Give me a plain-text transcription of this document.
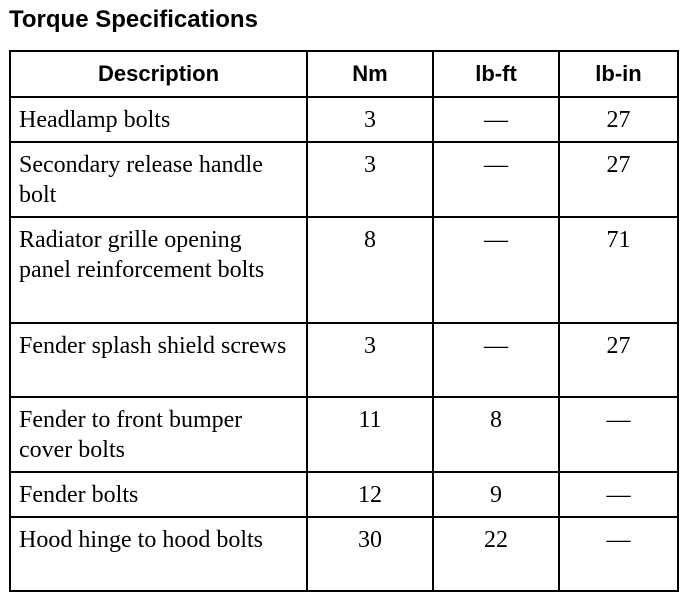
Torque Specifications
Description	Nm	lb-ft	lb-in
Headlamp bolts	3	—	27
Secondary release handle bolt	3	—	27
Radiator grille opening panel reinforcement bolts	8	—	71
Fender splash shield screws	3	—	27
Fender to front bumper cover bolts	11	8	—
Fender bolts	12	9	—
Hood hinge to hood bolts	30	22	—
